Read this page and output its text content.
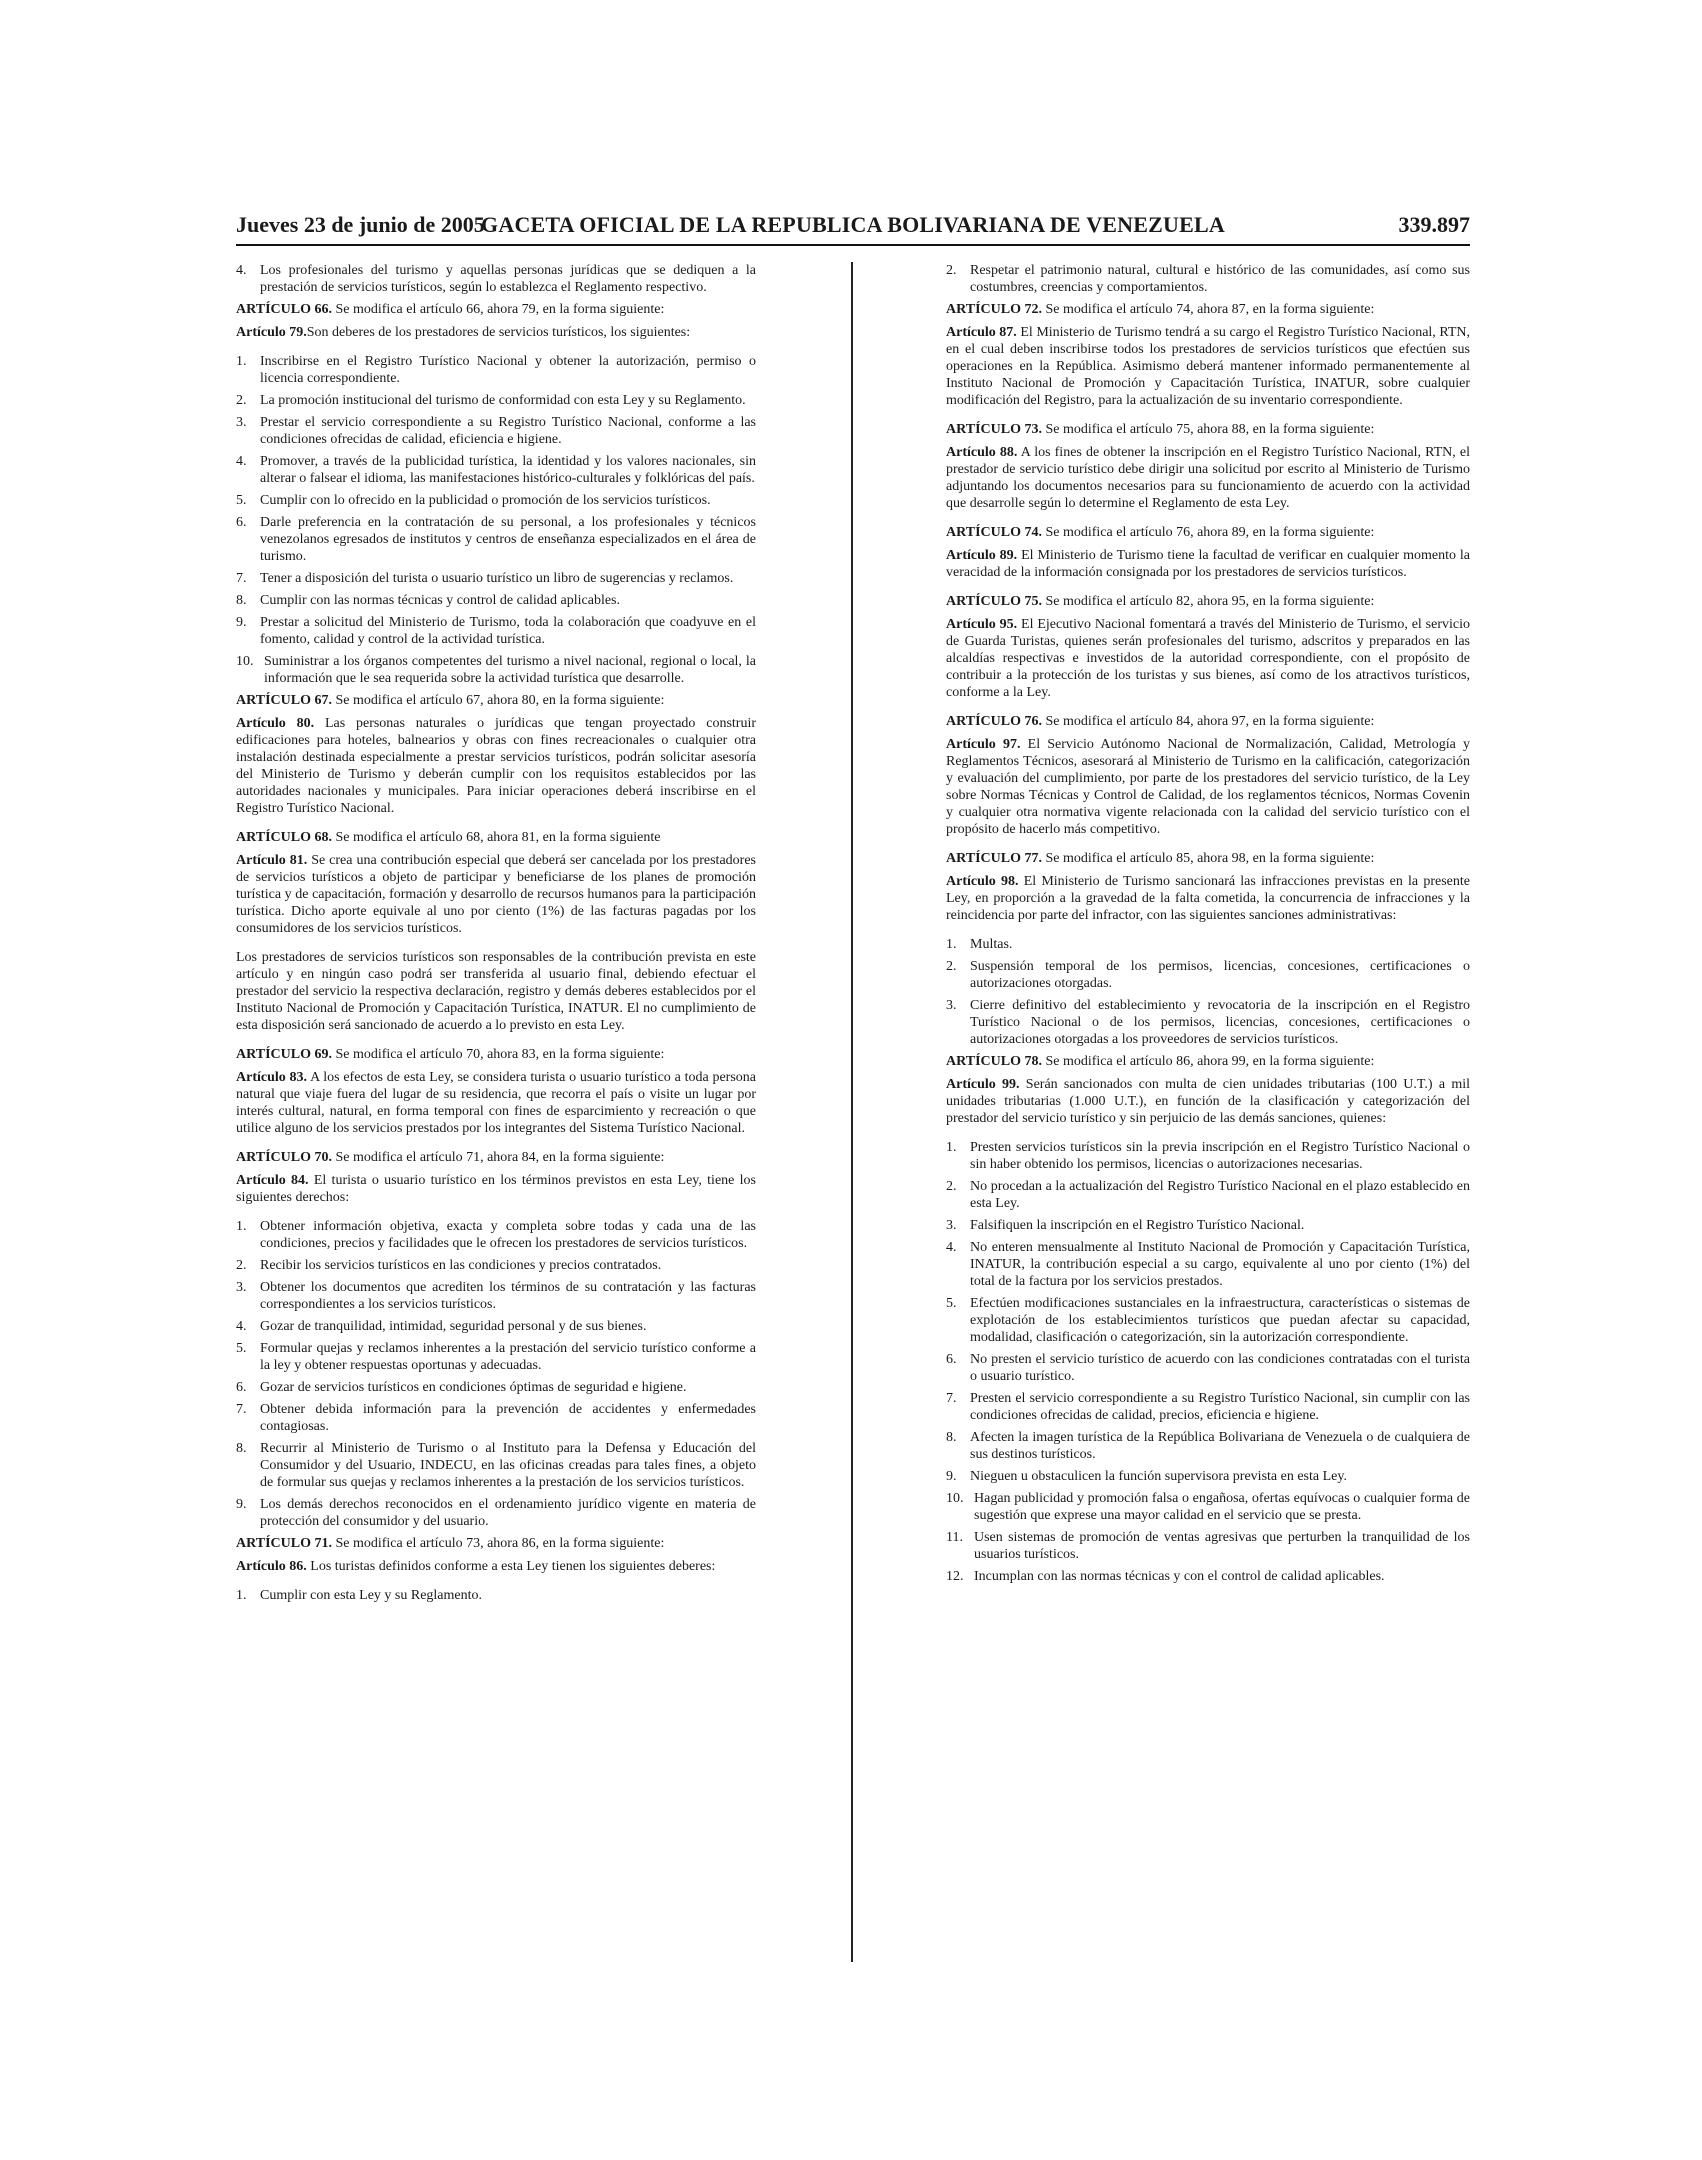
Jueves 23 de junio de 2005
GACETA OFICIAL DE LA REPUBLICA BOLIVARIANA DE VENEZUELA	339.897
4. Los profesionales del turismo y aquellas personas jurídicas que se dediquen a la prestación de servicios turísticos, según lo establezca el Reglamento respectivo.
ARTÍCULO 66. Se modifica el artículo 66, ahora 79, en la forma siguiente:
Artículo 79.Son deberes de los prestadores de servicios turísticos, los siguientes:
1. Inscribirse en el Registro Turístico Nacional y obtener la autorización, permiso o licencia correspondiente.
2. La promoción institucional del turismo de conformidad con esta Ley y su Reglamento.
3. Prestar el servicio correspondiente a su Registro Turístico Nacional, conforme a las condiciones ofrecidas de calidad, eficiencia e higiene.
4. Promover, a través de la publicidad turística, la identidad y los valores nacionales, sin alterar o falsear el idioma, las manifestaciones histórico-culturales y folklóricas del país.
5. Cumplir con lo ofrecido en la publicidad o promoción de los servicios turísticos.
6. Darle preferencia en la contratación de su personal, a los profesionales y técnicos venezolanos egresados de institutos y centros de enseñanza especializados en el área de turismo.
7. Tener a disposición del turista o usuario turístico un libro de sugerencias y reclamos.
8. Cumplir con las normas técnicas y control de calidad aplicables.
9. Prestar a solicitud del Ministerio de Turismo, toda la colaboración que coadyuve en el fomento, calidad y control de la actividad turística.
10. Suministrar a los órganos competentes del turismo a nivel nacional, regional o local, la información que le sea requerida sobre la actividad turística que desarrolle.
ARTÍCULO 67. Se modifica el artículo 67, ahora 80, en la forma siguiente:
Artículo 80. Las personas naturales o jurídicas que tengan proyectado construir edificaciones para hoteles, balnearios y obras con fines recreacionales o cualquier otra instalación destinada especialmente a prestar servicios turísticos, podrán solicitar asesoría del Ministerio de Turismo y deberán cumplir con los requisitos establecidos por las autoridades nacionales y municipales. Para iniciar operaciones deberá inscribirse en el Registro Turístico Nacional.
ARTÍCULO 68. Se modifica el artículo 68, ahora 81, en la forma siguiente
Artículo 81. Se crea una contribución especial que deberá ser cancelada por los prestadores de servicios turísticos a objeto de participar y beneficiarse de los planes de promoción turística y de capacitación, formación y desarrollo de recursos humanos para la participación turística. Dicho aporte equivale al uno por ciento (1%) de las facturas pagadas por los consumidores de los servicios turísticos.
Los prestadores de servicios turísticos son responsables de la contribución prevista en este artículo y en ningún caso podrá ser transferida al usuario final, debiendo efectuar el prestador del servicio la respectiva declaración, registro y demás deberes establecidos por el Instituto Nacional de Promoción y Capacitación Turística, INATUR. El no cumplimiento de esta disposición será sancionado de acuerdo a lo previsto en esta Ley.
ARTÍCULO 69. Se modifica el artículo 70, ahora 83, en la forma siguiente:
Artículo 83. A los efectos de esta Ley, se considera turista o usuario turístico a toda persona natural que viaje fuera del lugar de su residencia, que recorra el país o visite un lugar por interés cultural, natural, en forma temporal con fines de esparcimiento y recreación o que utilice alguno de los servicios prestados por los integrantes del Sistema Turístico Nacional.
ARTÍCULO 70. Se modifica el artículo 71, ahora 84, en la forma siguiente:
Artículo 84. El turista o usuario turístico en los términos previstos en esta Ley, tiene los siguientes derechos:
1. Obtener información objetiva, exacta y completa sobre todas y cada una de las condiciones, precios y facilidades que le ofrecen los prestadores de servicios turísticos.
2. Recibir los servicios turísticos en las condiciones y precios contratados.
3. Obtener los documentos que acrediten los términos de su contratación y las facturas correspondientes a los servicios turísticos.
4. Gozar de tranquilidad, intimidad, seguridad personal y de sus bienes.
5. Formular quejas y reclamos inherentes a la prestación del servicio turístico conforme a la ley y obtener respuestas oportunas y adecuadas.
6. Gozar de servicios turísticos en condiciones óptimas de seguridad e higiene.
7. Obtener debida información para la prevención de accidentes y enfermedades contagiosas.
8. Recurrir al Ministerio de Turismo o al Instituto para la Defensa y Educación del Consumidor y del Usuario, INDECU, en las oficinas creadas para tales fines, a objeto de formular sus quejas y reclamos inherentes a la prestación de los servicios turísticos.
9. Los demás derechos reconocidos en el ordenamiento jurídico vigente en materia de protección del consumidor y del usuario.
ARTÍCULO 71. Se modifica el artículo 73, ahora 86, en la forma siguiente:
Artículo 86. Los turistas definidos conforme a esta Ley tienen los siguientes deberes:
1. Cumplir con esta Ley y su Reglamento.
2. Respetar el patrimonio natural, cultural e histórico de las comunidades, así como sus costumbres, creencias y comportamientos.
ARTÍCULO 72. Se modifica el artículo 74, ahora 87, en la forma siguiente:
Artículo 87. El Ministerio de Turismo tendrá a su cargo el Registro Turístico Nacional, RTN, en el cual deben inscribirse todos los prestadores de servicios turísticos que efectúen sus operaciones en la República. Asimismo deberá mantener informado permanentemente al Instituto Nacional de Promoción y Capacitación Turística, INATUR, sobre cualquier modificación del Registro, para la actualización de su inventario correspondiente.
ARTÍCULO 73. Se modifica el artículo 75, ahora 88, en la forma siguiente:
Artículo 88. A los fines de obtener la inscripción en el Registro Turístico Nacional, RTN, el prestador de servicio turístico debe dirigir una solicitud por escrito al Ministerio de Turismo adjuntando los documentos necesarios para su funcionamiento de acuerdo con la actividad que desarrolle según lo determine el Reglamento de esta Ley.
ARTÍCULO 74. Se modifica el artículo 76, ahora 89, en la forma siguiente:
Artículo 89. El Ministerio de Turismo tiene la facultad de verificar en cualquier momento la veracidad de la información consignada por los prestadores de servicios turísticos.
ARTÍCULO 75. Se modifica el artículo 82, ahora 95, en la forma siguiente:
Artículo 95. El Ejecutivo Nacional fomentará a través del Ministerio de Turismo, el servicio de Guarda Turistas, quienes serán profesionales del turismo, adscritos y preparados en las alcaldías respectivas e investidos de la autoridad correspondiente, con el propósito de contribuir a la protección de los turistas y sus bienes, así como de los atractivos turísticos, conforme a la Ley.
ARTÍCULO 76. Se modifica el artículo 84, ahora 97, en la forma siguiente:
Artículo 97. El Servicio Autónomo Nacional de Normalización, Calidad, Metrología y Reglamentos Técnicos, asesorará al Ministerio de Turismo en la calificación, categorización y evaluación del cumplimiento, por parte de los prestadores del servicio turístico, de la Ley sobre Normas Técnicas y Control de Calidad, de los reglamentos técnicos, Normas Covenin y cualquier otra normativa vigente relacionada con la calidad del servicio turístico con el propósito de hacerlo más competitivo.
ARTÍCULO 77. Se modifica el artículo 85, ahora 98, en la forma siguiente:
Artículo 98. El Ministerio de Turismo sancionará las infracciones previstas en la presente Ley, en proporción a la gravedad de la falta cometida, la concurrencia de infracciones y la reincidencia por parte del infractor, con las siguientes sanciones administrativas:
1. Multas.
2. Suspensión temporal de los permisos, licencias, concesiones, certificaciones o autorizaciones otorgadas.
3. Cierre definitivo del establecimiento y revocatoria de la inscripción en el Registro Turístico Nacional o de los permisos, licencias, concesiones, certificaciones o autorizaciones otorgadas a los proveedores de servicios turísticos.
ARTÍCULO 78. Se modifica el artículo 86, ahora 99, en la forma siguiente:
Artículo 99. Serán sancionados con multa de cien unidades tributarias (100 U.T.) a mil unidades tributarias (1.000 U.T.), en función de la clasificación y categorización del prestador del servicio turístico y sin perjuicio de las demás sanciones, quienes:
1. Presten servicios turísticos sin la previa inscripción en el Registro Turístico Nacional o sin haber obtenido los permisos, licencias o autorizaciones necesarias.
2. No procedan a la actualización del Registro Turístico Nacional en el plazo establecido en esta Ley.
3. Falsifiquen la inscripción en el Registro Turístico Nacional.
4. No enteren mensualmente al Instituto Nacional de Promoción y Capacitación Turística, INATUR, la contribución especial a su cargo, equivalente al uno por ciento (1%) del total de la factura por los servicios prestados.
5. Efectúen modificaciones sustanciales en la infraestructura, características o sistemas de explotación de los establecimientos turísticos que puedan afectar su capacidad, modalidad, clasificación o categorización, sin la autorización correspondiente.
6. No presten el servicio turístico de acuerdo con las condiciones contratadas con el turista o usuario turístico.
7. Presten el servicio correspondiente a su Registro Turístico Nacional, sin cumplir con las condiciones ofrecidas de calidad, precios, eficiencia e higiene.
8. Afecten la imagen turística de la República Bolivariana de Venezuela o de cualquiera de sus destinos turísticos.
9. Nieguen u obstaculicen la función supervisora prevista en esta Ley.
10. Hagan publicidad y promoción falsa o engañosa, ofertas equívocas o cualquier forma de sugestión que exprese una mayor calidad en el servicio que se presta.
11. Usen sistemas de promoción de ventas agresivas que perturben la tranquilidad de los usuarios turísticos.
12. Incumplan con las normas técnicas y con el control de calidad aplicables.
